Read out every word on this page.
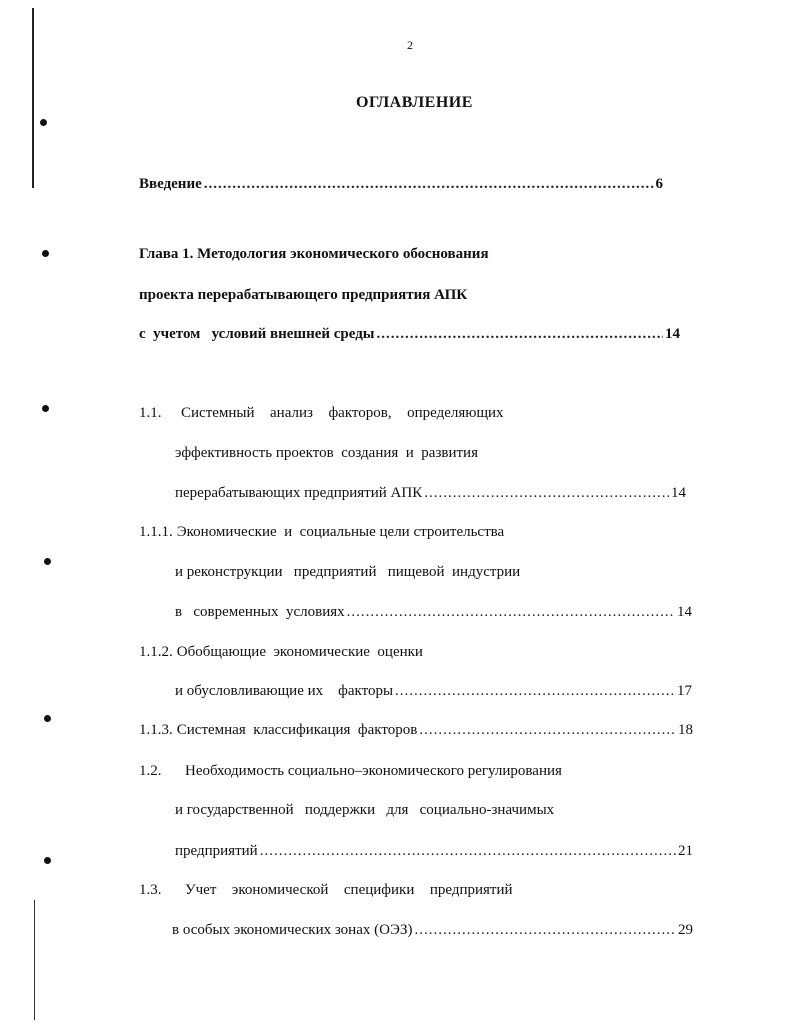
2
ОГЛАВЛЕНИЕ
Введение .....	6
Глава 1. Методология экономического обоснования
проекта перерабатывающего предприятия АПК
с  учетом   условий внешней среды .....	14
1.1.	Системный  анализ  факторов,  определяющих
эффективность проектов  создания  и  развития
перерабатывающих предприятий АПК .....	14
1.1.1. Экономические  и  социальные цели строительства
и реконструкции   предприятий   пищевой  индустрии
в   современных  условиях .....	14
1.1.2. Обобщающие  экономические  оценки
и обусловливающие их    факторы .....	17
1.1.3. Системная  классификация  факторов .....	18
1.2.	Необходимость социально–экономического регулирования
и государственной   поддержки   для   социально-значимых
предприятий .....	21
1.3.	Учет  экономической  специфики  предприятий
в особых экономических зонах (ОЭЗ) .....	29
